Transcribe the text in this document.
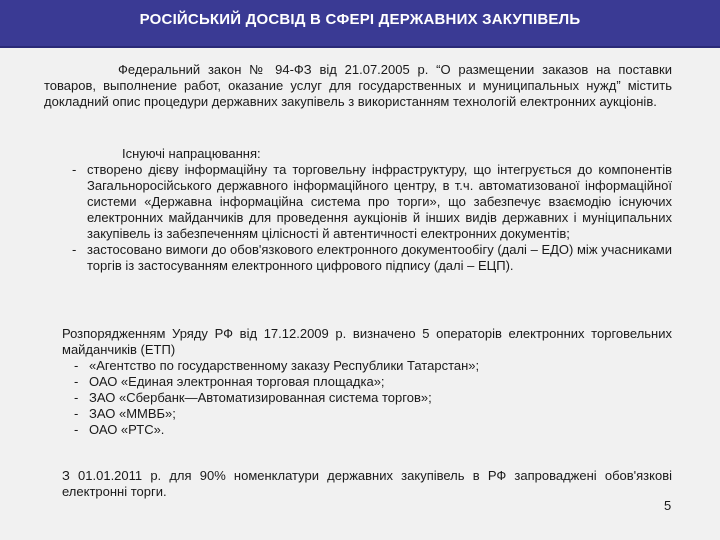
РОСІЙСЬКИЙ ДОСВІД В СФЕРІ ДЕРЖАВНИХ ЗАКУПІВЕЛЬ
Федеральний закон № 94-ФЗ від 21.07.2005 р. “О размещении заказов на поставки товаров, выполнение работ, оказание услуг для государственных и муниципальных нужд” містить докладний опис процедури державних закупівель з використанням технологій електронних аукціонів.
Існуючі напрацювання:
- створено дієву інформаційну та торговельну інфраструктуру, що інтегрується до компонентів Загальноросійського державного інформаційного центру, в т.ч. автоматизованої інформаційної системи «Державна інформаційна система про торги», що забезпечує взаємодію існуючих електронних майданчиків для проведення аукціонів й інших видів державних і муніципальних закупівель із забезпеченням цілісності й автентичності електронних документів;
- застосовано вимоги до обов'язкового електронного документообігу (далі – ЕДО) між учасниками торгів із застосуванням електронного цифрового підпису (далі – ЕЦП).
Розпорядженням Уряду РФ від 17.12.2009 р. визначено 5 операторів електронних торговельних майданчиків (ЕТП)
- «Агентство по государственному заказу Республики Татарстан»;
- ОАО «Единая электронная торговая площадка»;
- ЗАО «Сбербанк—Автоматизированная система торгов»;
- ЗАО «ММВБ»;
- ОАО «РТС».
З 01.01.2011 р. для 90% номенклатури державних закупівель в РФ запроваджені обов'язкові електронні торги.
5
